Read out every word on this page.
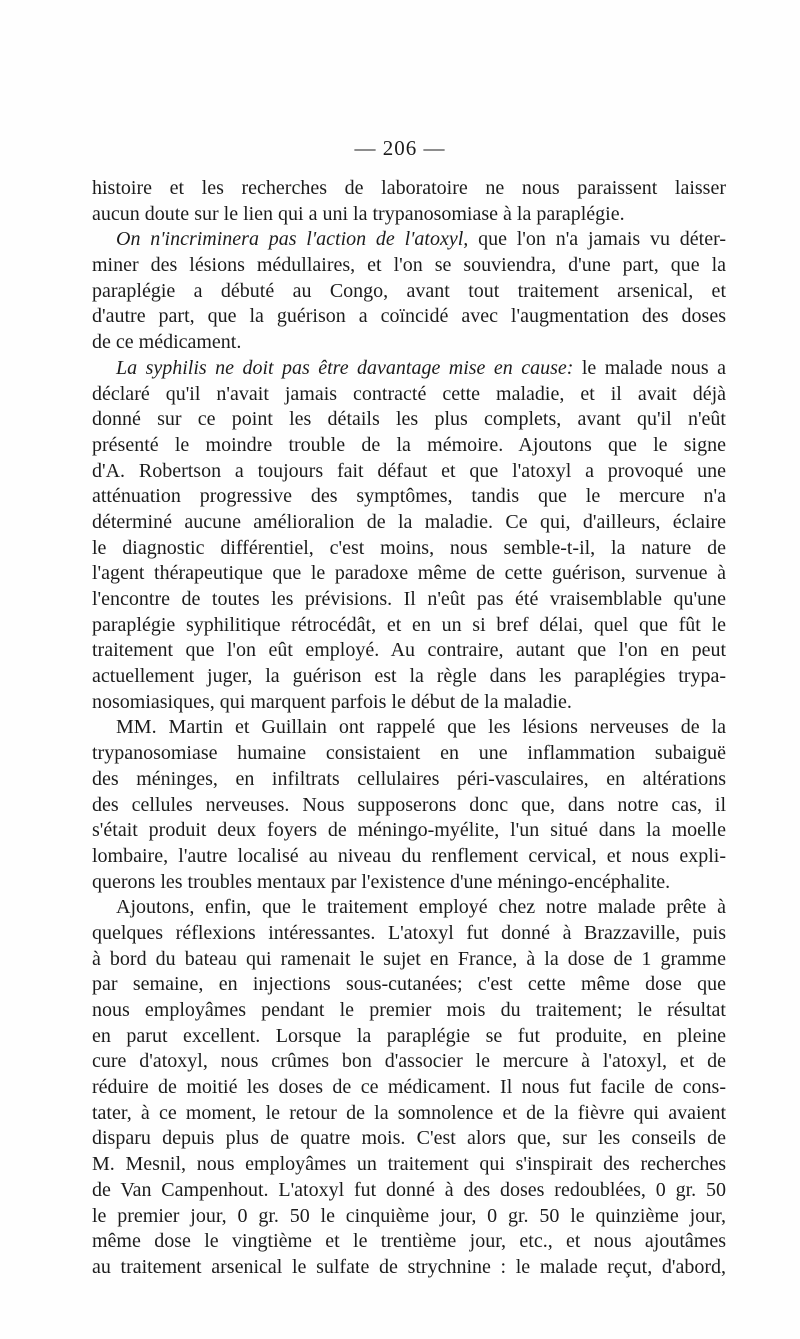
— 206 —
histoire et les recherches de laboratoire ne nous paraissent laisser
aucun doute sur le lien qui a uni la trypanosomiase à la paraplégie.
On n'incriminera pas l'action de l'atoxyl, que l'on n'a jamais vu déter-
miner des lésions médullaires, et l'on se souviendra, d'une part, que la
paraplégie a débuté au Congo, avant tout traitement arsenical, et
d'autre part, que la guérison a coïncidé avec l'augmentation des doses
de ce médicament.
La syphilis ne doit pas être davantage mise en cause: le malade nous a
déclaré qu'il n'avait jamais contracté cette maladie, et il avait déjà
donné sur ce point les détails les plus complets, avant qu'il n'eût
présenté le moindre trouble de la mémoire. Ajoutons que le signe
d'A. Robertson a toujours fait défaut et que l'atoxyl a provoqué une
atténuation progressive des symptômes, tandis que le mercure n'a
déterminé aucune amélioralion de la maladie. Ce qui, d'ailleurs, éclaire
le diagnostic différentiel, c'est moins, nous semble-t-il, la nature de
l'agent thérapeutique que le paradoxe même de cette guérison, survenue à
l'encontre de toutes les prévisions. Il n'eût pas été vraisemblable qu'une
paraplégie syphilitique rétrocédât, et en un si bref délai, quel que fût le
traitement que l'on eût employé. Au contraire, autant que l'on en peut
actuellement juger, la guérison est la règle dans les paraplégies trypa-
nosomiasiques, qui marquent parfois le début de la maladie.
MM. Martin et Guillain ont rappelé que les lésions nerveuses de la
trypanosomiase humaine consistaient en une inflammation subaiguë
des méninges, en infiltrats cellulaires péri-vasculaires, en altérations
des cellules nerveuses. Nous supposerons donc que, dans notre cas, il
s'était produit deux foyers de méningo-myélite, l'un situé dans la moelle
lombaire, l'autre localisé au niveau du renflement cervical, et nous expli-
querons les troubles mentaux par l'existence d'une méningo-encéphalite.
Ajoutons, enfin, que le traitement employé chez notre malade prête à
quelques réflexions intéressantes. L'atoxyl fut donné à Brazzaville, puis
à bord du bateau qui ramenait le sujet en France, à la dose de 1 gramme
par semaine, en injections sous-cutanées; c'est cette même dose que
nous employâmes pendant le premier mois du traitement; le résultat
en parut excellent. Lorsque la paraplégie se fut produite, en pleine
cure d'atoxyl, nous crûmes bon d'associer le mercure à l'atoxyl, et de
réduire de moitié les doses de ce médicament. Il nous fut facile de cons-
tater, à ce moment, le retour de la somnolence et de la fièvre qui avaient
disparu depuis plus de quatre mois. C'est alors que, sur les conseils de
M. Mesnil, nous employâmes un traitement qui s'inspirait des recherches
de Van Campenhout. L'atoxyl fut donné à des doses redoublées, 0 gr. 50
le premier jour, 0 gr. 50 le cinquième jour, 0 gr. 50 le quinzième jour,
même dose le vingtième et le trentième jour, etc., et nous ajoutâmes
au traitement arsenical le sulfate de strychnine : le malade reçut, d'abord,
